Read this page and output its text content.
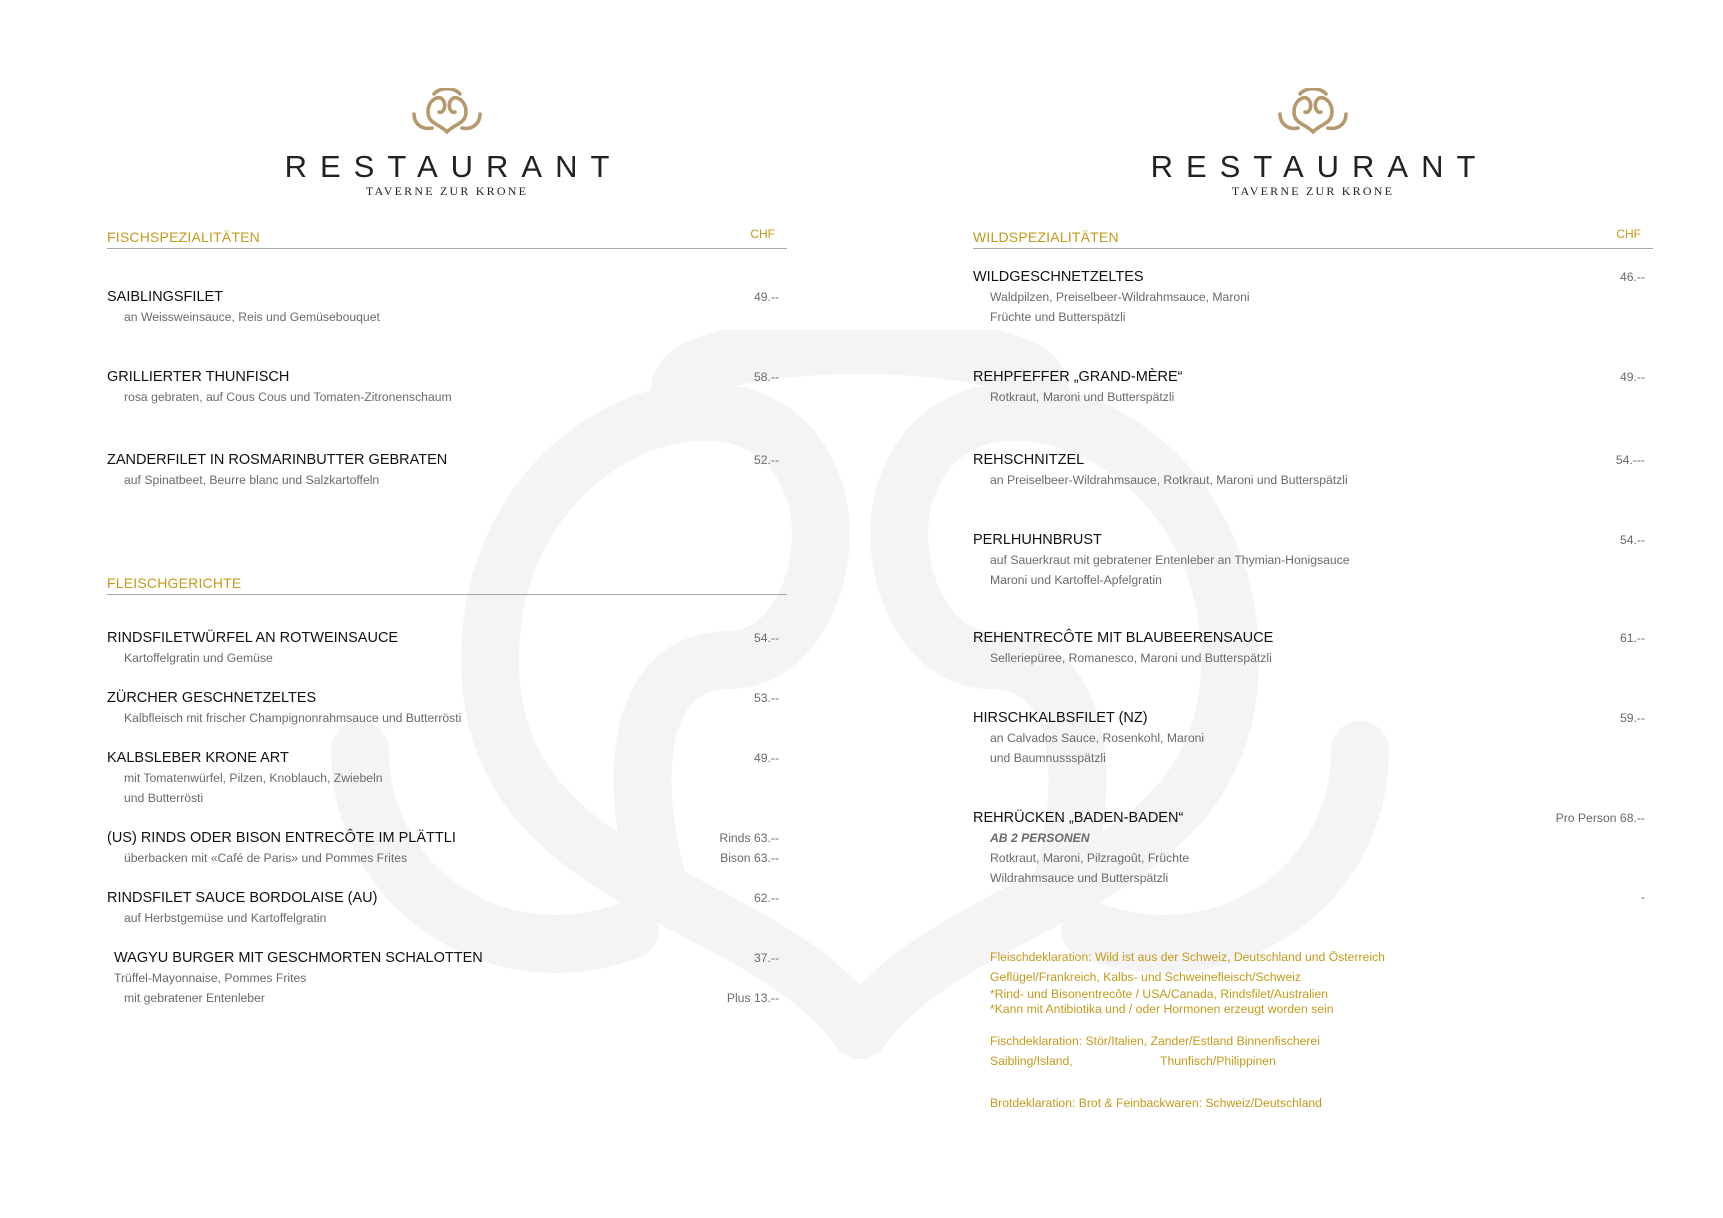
RESTAURANT
TAVERNE ZUR KRONE
FISCHSPEZIALITÄTEN	CHF
SAIBLINGSFILET
an Weissweinsauce, Reis und Gemüsebouquet
49.--
GRILLIERTER THUNFISCH
rosa gebraten, auf Cous Cous und Tomaten-Zitronenschaum
58.--
ZANDERFILET IN ROSMARINBUTTER GEBRATEN
auf Spinatbeet, Beurre blanc und Salzkartoffeln
52.--
FLEISCHGERICHTE
RINDSFILETWÜRFEL AN ROTWEINSAUCE
Kartoffelgratin und Gemüse
54.--
ZÜRCHER GESCHNETZELTES
Kalbfleisch mit frischer Champignonrahmsauce und Butterrösti
53.--
KALBSLEBER KRONE ART
mit Tomatenwürfel, Pilzen, Knoblauch, Zwiebeln
und Butterrösti
49.--
(US) RINDS ODER BISON ENTRECÔTE IM PLÄTTLI
überbacken mit «Café de Paris» und Pommes Frites
Rinds 63.--
Bison 63.--
RINDSFILET SAUCE BORDOLAISE (AU)
auf Herbstgemüse und Kartoffelgratin
62.--
WAGYU BURGER MIT GESCHMORTEN SCHALOTTEN
Trüffel-Mayonnaise, Pommes Frites
mit gebratener Entenleber
37.--
Plus 13.--
RESTAURANT
TAVERNE ZUR KRONE
WILDSPEZIALITÄTEN	CHF
WILDGESCHNETZELTES
Waldpilzen, Preiselbeer-Wildrahmsauce, Maroni
Früchte und Butterspätzli
46.--
REHPFEFFER „GRAND-MÈRE“
Rotkraut, Maroni und Butterspätzli
49.--
REHSCHNITZEL
an Preiselbeer-Wildrahmsauce, Rotkraut, Maroni und Butterspätzli
54.---
PERLHUHNBRUST
auf Sauerkraut mit gebratener Entenleber an Thymian-Honigsauce
Maroni und Kartoffel-Apfelgratin
54.--
REHENTRECÔTE MIT BLAUBEERENSAUCE
Selleriepüree, Romanesco, Maroni und Butterspätzli
61.--
HIRSCHKALBSFILET (NZ)
an Calvados Sauce, Rosenkohl, Maroni
und Baumnussspätzli
59.--
REHRÜCKEN „BADEN-BADEN“
AB 2 PERSONEN
Rotkraut, Maroni, Pilzragoût, Früchte
Wildrahmsauce und Butterspätzli
Pro Person 68.--
-
Fleischdeklaration: Wild ist aus der Schweiz, Deutschland und Österreich
Geflügel/Frankreich, Kalbs- und Schweinefleisch/Schweiz
*Rind- und Bisonentrecôte / USA/Canada, Rindsfilet/Australien
*Kann mit Antibiotika und / oder Hormonen erzeugt worden sein
Fischdeklaration: Stör/Italien, Zander/Estland Binnenfischerei
Saibling/Island,	Thunfisch/Philippinen
Brotdeklaration: Brot & Feinbackwaren: Schweiz/Deutschland
